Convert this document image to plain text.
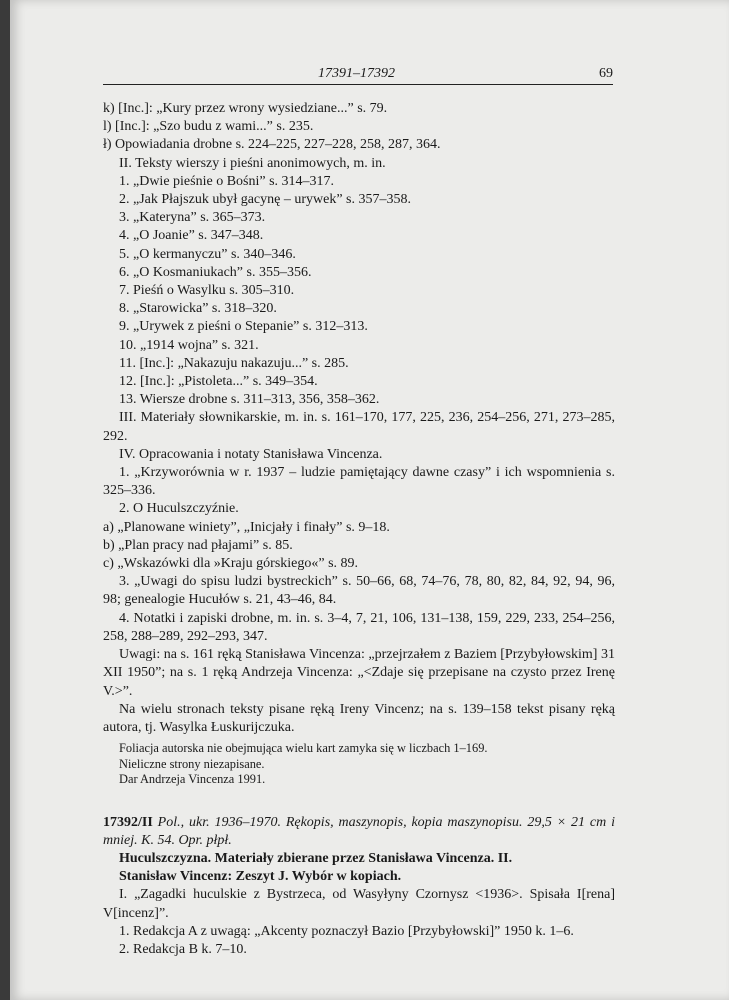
17391–17392	69
k) [Inc.]: „Kury przez wrony wysiedziane...” s. 79.
l) [Inc.]: „Szo budu z wami...” s. 235.
ł) Opowiadania drobne s. 224–225, 227–228, 258, 287, 364.
II. Teksty wierszy i pieśni anonimowych, m. in.
1. „Dwie pieśnie o Bośni” s. 314–317.
2. „Jak Płajszuk ubył gacynę – urywek” s. 357–358.
3. „Kateryna” s. 365–373.
4. „O Joanie” s. 347–348.
5. „O kermanyczu” s. 340–346.
6. „O Kosmaniukach” s. 355–356.
7. Pieśń o Wasylku s. 305–310.
8. „Starowicka” s. 318–320.
9. „Urywek z pieśni o Stepanie” s. 312–313.
10. „1914 wojna” s. 321.
11. [Inc.]: „Nakazuju nakazuju...” s. 285.
12. [Inc.]: „Pistoleta...” s. 349–354.
13. Wiersze drobne s. 311–313, 356, 358–362.
III. Materiały słownikarskie, m. in. s. 161–170, 177, 225, 236, 254–256, 271, 273–285, 292.
IV. Opracowania i notaty Stanisława Vincenza.
1. „Krzyworównia w r. 1937 – ludzie pamiętający dawne czasy” i ich wspomnienia s. 325–336.
2. O Huculszczyźnie.
a) „Planowane winiety”, „Inicjały i finały” s. 9–18.
b) „Plan pracy nad płajami” s. 85.
c) „Wskazówki dla »Kraju górskiego«” s. 89.
3. „Uwagi do spisu ludzi bystreckich” s. 50–66, 68, 74–76, 78, 80, 82, 84, 92, 94, 96, 98; genealogie Hucułów s. 21, 43–46, 84.
4. Notatki i zapiski drobne, m. in. s. 3–4, 7, 21, 106, 131–138, 159, 229, 233, 254–256, 258, 288–289, 292–293, 347.
Uwagi: na s. 161 ręką Stanisława Vincenza: „przejrzałem z Baziem [Przybyłowskim] 31 XII 1950”; na s. 1 ręką Andrzeja Vincenza: „<Zdaje się przepisane na czysto przez Irenę V.>”.
Na wielu stronach teksty pisane ręką Ireny Vincenz; na s. 139–158 tekst pisany ręką autora, tj. Wasylka Łuskurijczuka.
Foliacja autorska nie obejmująca wielu kart zamyka się w liczbach 1–169.
Nieliczne strony niezapisane.
Dar Andrzeja Vincenza 1991.
17392/II Pol., ukr. 1936–1970. Rękopis, maszynopis, kopia maszynopisu. 29,5 × 21 cm i mniej. K. 54. Opr. płpł.
Huculszczyzna. Materiały zbierane przez Stanisława Vincenza. II.
Stanisław Vincenz: Zeszyt J. Wybór w kopiach.
I. „Zagadki huculskie z Bystrzeca, od Wasyłyny Czornysz <1936>. Spisała I[rena] V[incenz]”.
1. Redakcja A z uwagą: „Akcenty poznaczył Bazio [Przybyłowski]” 1950 k. 1–6.
2. Redakcja B k. 7–10.
